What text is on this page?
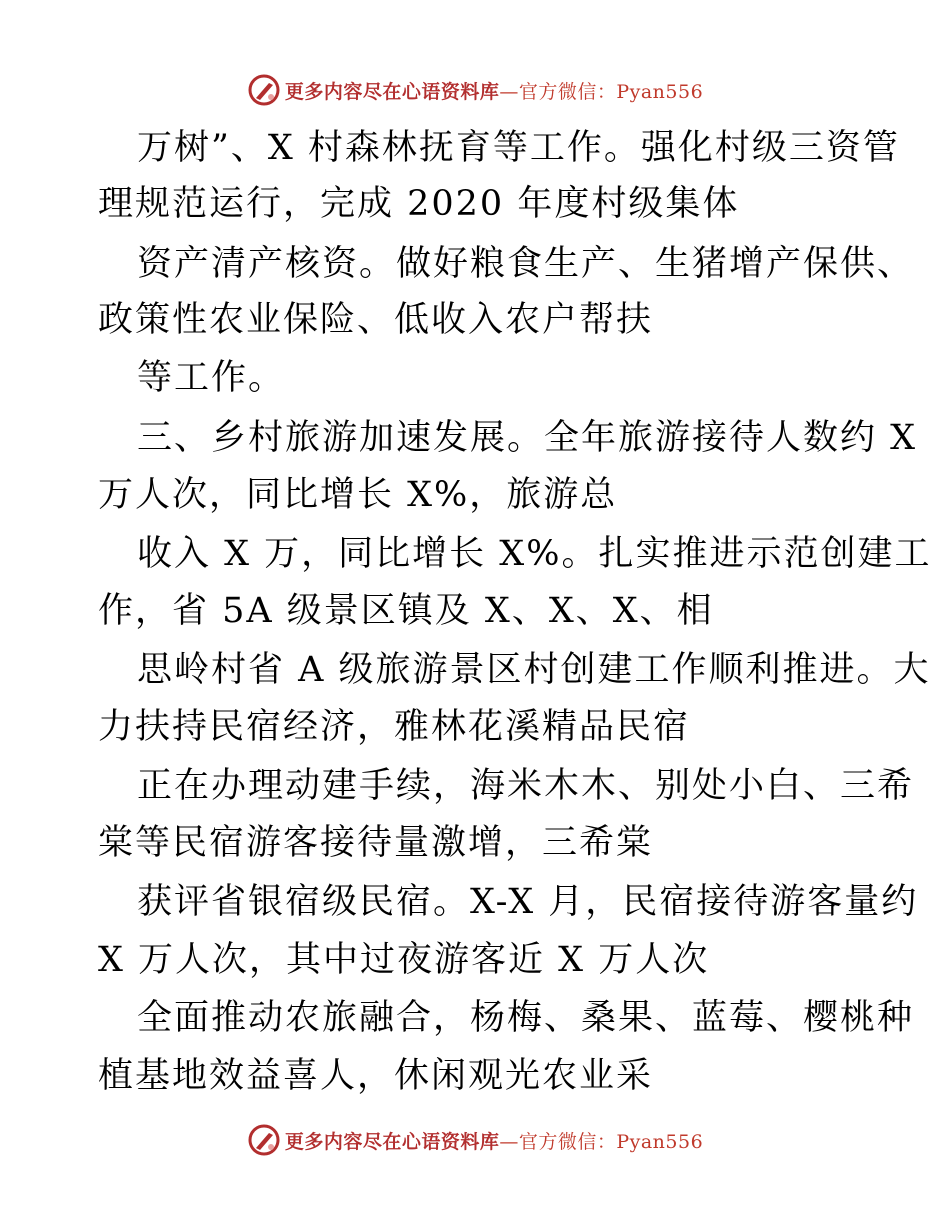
更多内容尽在心语资料库—官方微信：Pyan556
万树”、X 村森林抚育等工作。强化村级三资管
理规范运行，完成 2020 年度村级集体
资产清产核资。做好粮食生产、生猪增产保供、
政策性农业保险、低收入农户帮扶
等工作。
三、乡村旅游加速发展。全年旅游接待人数约 X
万人次，同比增长 X%，旅游总
收入 X 万，同比增长 X%。扎实推进示范创建工
作，省 5A 级景区镇及 X、X、X、相
思岭村省 A 级旅游景区村创建工作顺利推进。大
力扶持民宿经济，雅林花溪精品民宿
正在办理动建手续，海米木木、别处小白、三希
棠等民宿游客接待量激增，三希棠
获评省银宿级民宿。X-X 月，民宿接待游客量约
X 万人次，其中过夜游客近 X 万人次
全面推动农旅融合，杨梅、桑果、蓝莓、樱桃种
植基地效益喜人，休闲观光农业采
更多内容尽在心语资料库—官方微信：Pyan556
